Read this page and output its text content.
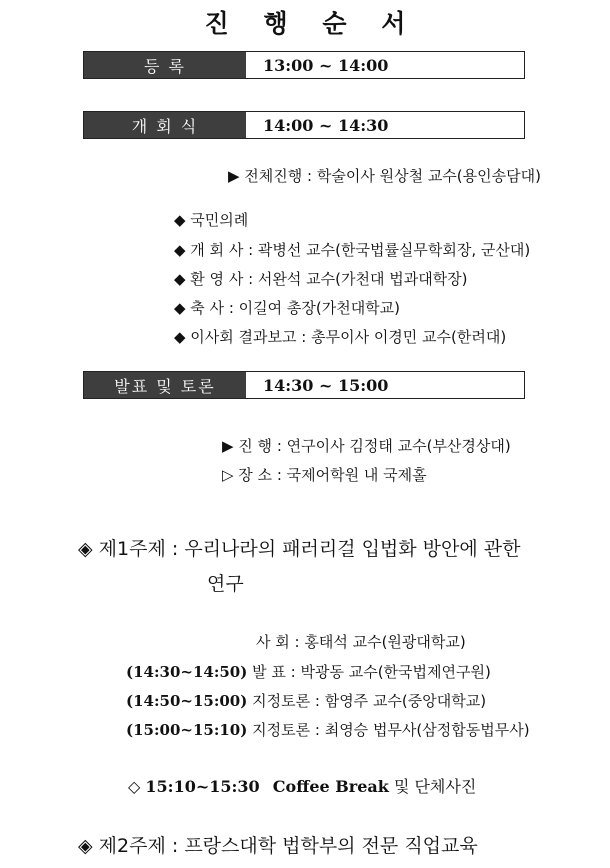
진 행 순 서
등 록	13:00 ~ 14:00
개 회 식	14:00 ~ 14:30
▶ 전체진행 : 학술이사 원상철 교수(용인송담대)
◆ 국민의례
◆ 개 회 사 : 곽병선 교수(한국법률실무학회장, 군산대)
◆ 환 영 사 : 서완석 교수(가천대 법과대학장)
◆ 축 사 : 이길여 총장(가천대학교)
◆ 이사회 결과보고 : 총무이사 이경민 교수(한려대)
발표 및 토론	14:30 ~ 15:00
▶ 진 행 : 연구이사 김정태 교수(부산경상대)
▷ 장 소 : 국제어학원 내 국제홀
◈ 제1주제 : 우리나라의 패러리걸 입법화 방안에 관한
연구
사 회 : 홍태석 교수(원광대학교)
(14:30~14:50) 발 표 : 박광동 교수(한국법제연구원)
(14:50~15:00) 지정토론 : 함영주 교수(중앙대학교)
(15:00~15:10) 지정토론 : 최영승 법무사(삼정합동법무사)
◇ 15:10~15:30 Coffee Break 및 단체사진
◈ 제2주제 : 프랑스대학 법학부의 전문 직업교육
